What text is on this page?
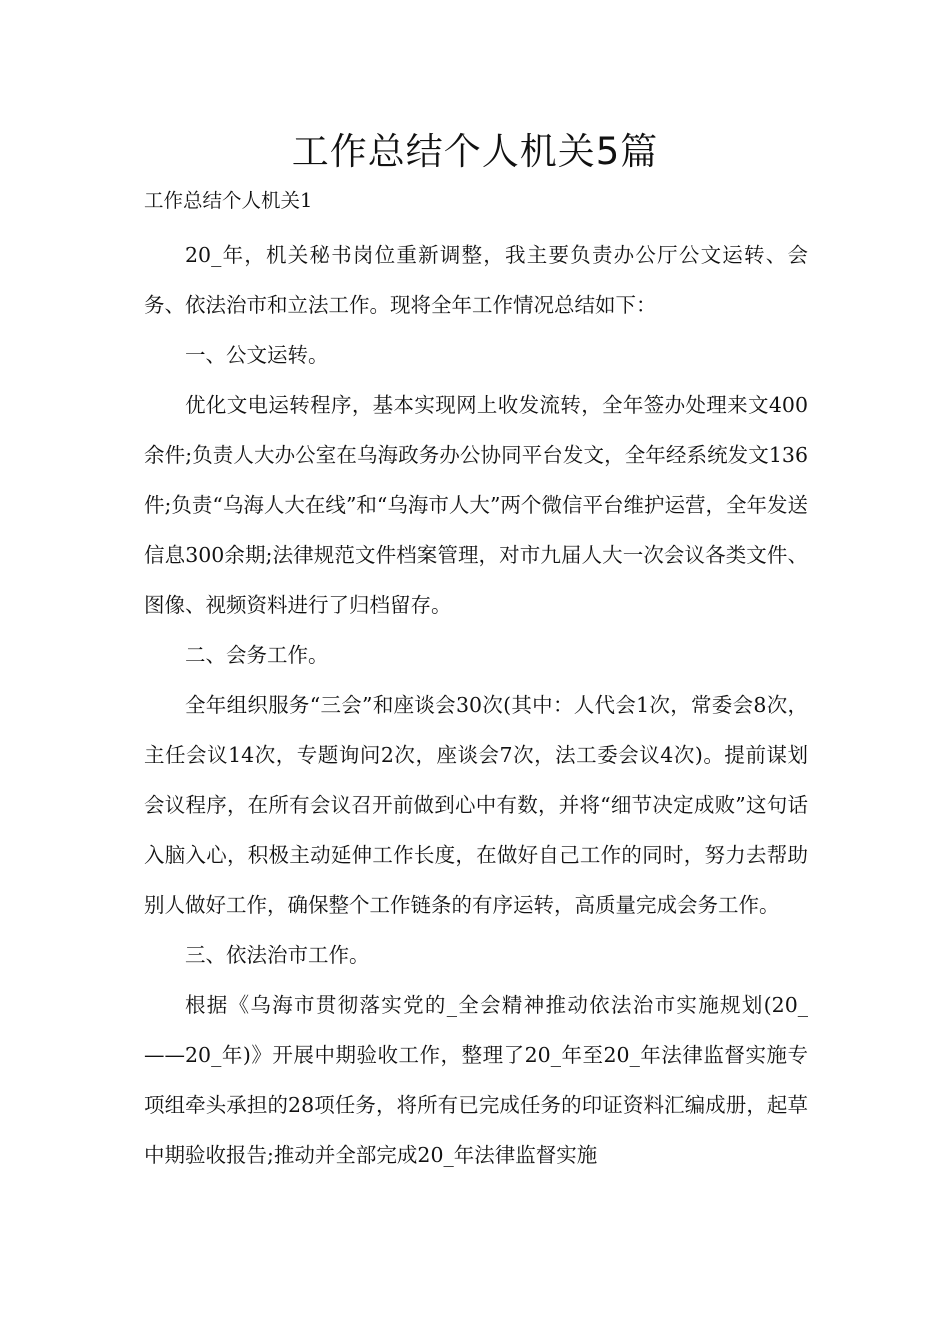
工作总结个人机关5篇
工作总结个人机关1

20_年，机关秘书岗位重新调整，我主要负责办公厅公文运转、会务、依法治市和立法工作。现将全年工作情况总结如下：

一、公文运转。

优化文电运转程序，基本实现网上收发流转，全年签办处理来文400余件;负责人大办公室在乌海政务办公协同平台发文，全年经系统发文136件;负责“乌海人大在线”和“乌海市人大”两个微信平台维护运营，全年发送信息300余期;法律规范文件档案管理，对市九届人大一次会议各类文件、图像、视频资料进行了归档留存。

二、会务工作。

全年组织服务“三会”和座谈会30次(其中：人代会1次，常委会8次，主任会议14次，专题询问2次，座谈会7次，法工委会议4次)。提前谋划会议程序，在所有会议召开前做到心中有数，并将“细节决定成败”这句话入脑入心，积极主动延伸工作长度，在做好自己工作的同时，努力去帮助别人做好工作，确保整个工作链条的有序运转，高质量完成会务工作。

三、依法治市工作。

根据《乌海市贯彻落实党的_全会精神推动依法治市实施规划(20_——20_年)》开展中期验收工作，整理了20_年至20_年法律监督实施专项组牵头承担的28项任务，将所有已完成任务的印证资料汇编成册，起草中期验收报告;推动并全部完成20_年法律监督实施
